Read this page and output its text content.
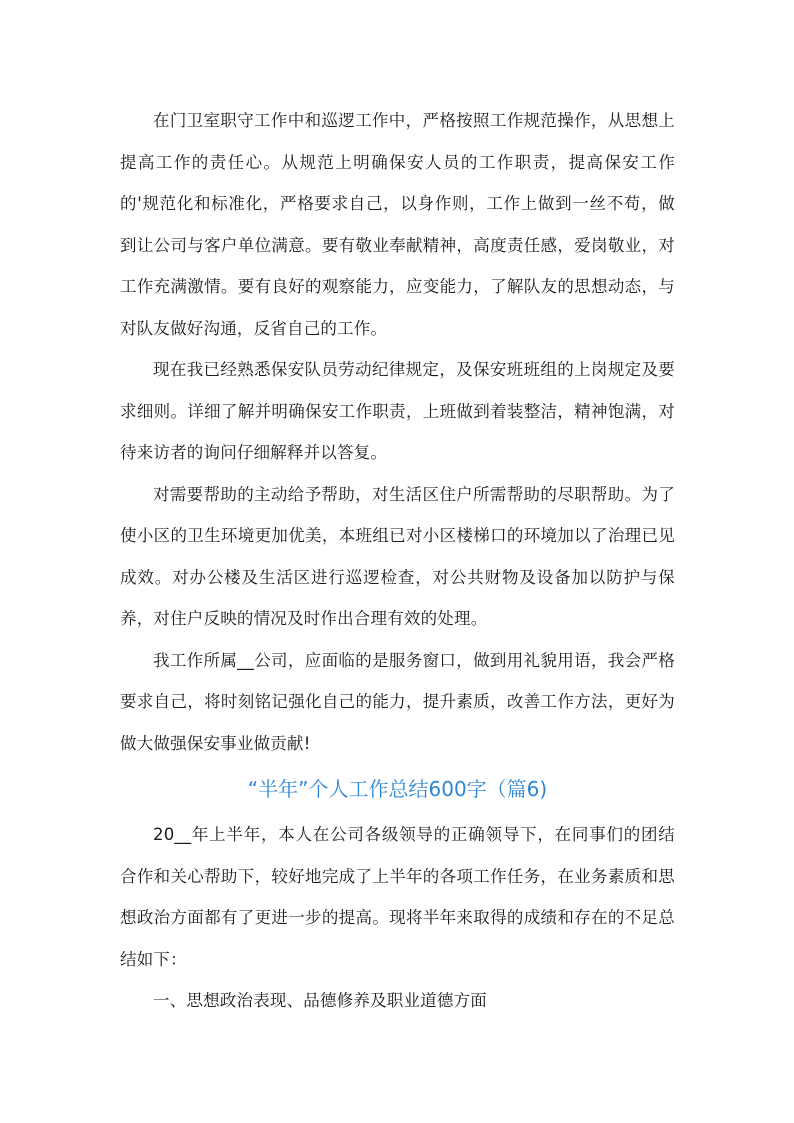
在门卫室职守工作中和巡逻工作中，严格按照工作规范操作，从思想上提高工作的责任心。从规范上明确保安人员的工作职责，提高保安工作的'规范化和标准化，严格要求自己，以身作则，工作上做到一丝不苟，做到让公司与客户单位满意。要有敬业奉献精神，高度责任感，爱岗敬业，对工作充满激情。要有良好的观察能力，应变能力，了解队友的思想动态，与对队友做好沟通，反省自己的工作。

现在我已经熟悉保安队员劳动纪律规定，及保安班班组的上岗规定及要求细则。详细了解并明确保安工作职责，上班做到着装整洁，精神饱满，对待来访者的询问仔细解释并以答复。

对需要帮助的主动给予帮助，对生活区住户所需帮助的尽职帮助。为了使小区的卫生环境更加优美，本班组已对小区楼梯口的环境加以了治理已见成效。对办公楼及生活区进行巡逻检查，对公共财物及设备加以防护与保养，对住户反映的情况及时作出合理有效的处理。

我工作所属__公司，应面临的是服务窗口，做到用礼貌用语，我会严格要求自己，将时刻铭记强化自己的能力，提升素质，改善工作方法，更好为做大做强保安事业做贡献!

“半年”个人工作总结600字（篇6)

20__年上半年，本人在公司各级领导的正确领导下，在同事们的团结合作和关心帮助下，较好地完成了上半年的各项工作任务，在业务素质和思想政治方面都有了更进一步的提高。现将半年来取得的成绩和存在的不足总结如下：

一、思想政治表现、品德修养及职业道德方面
